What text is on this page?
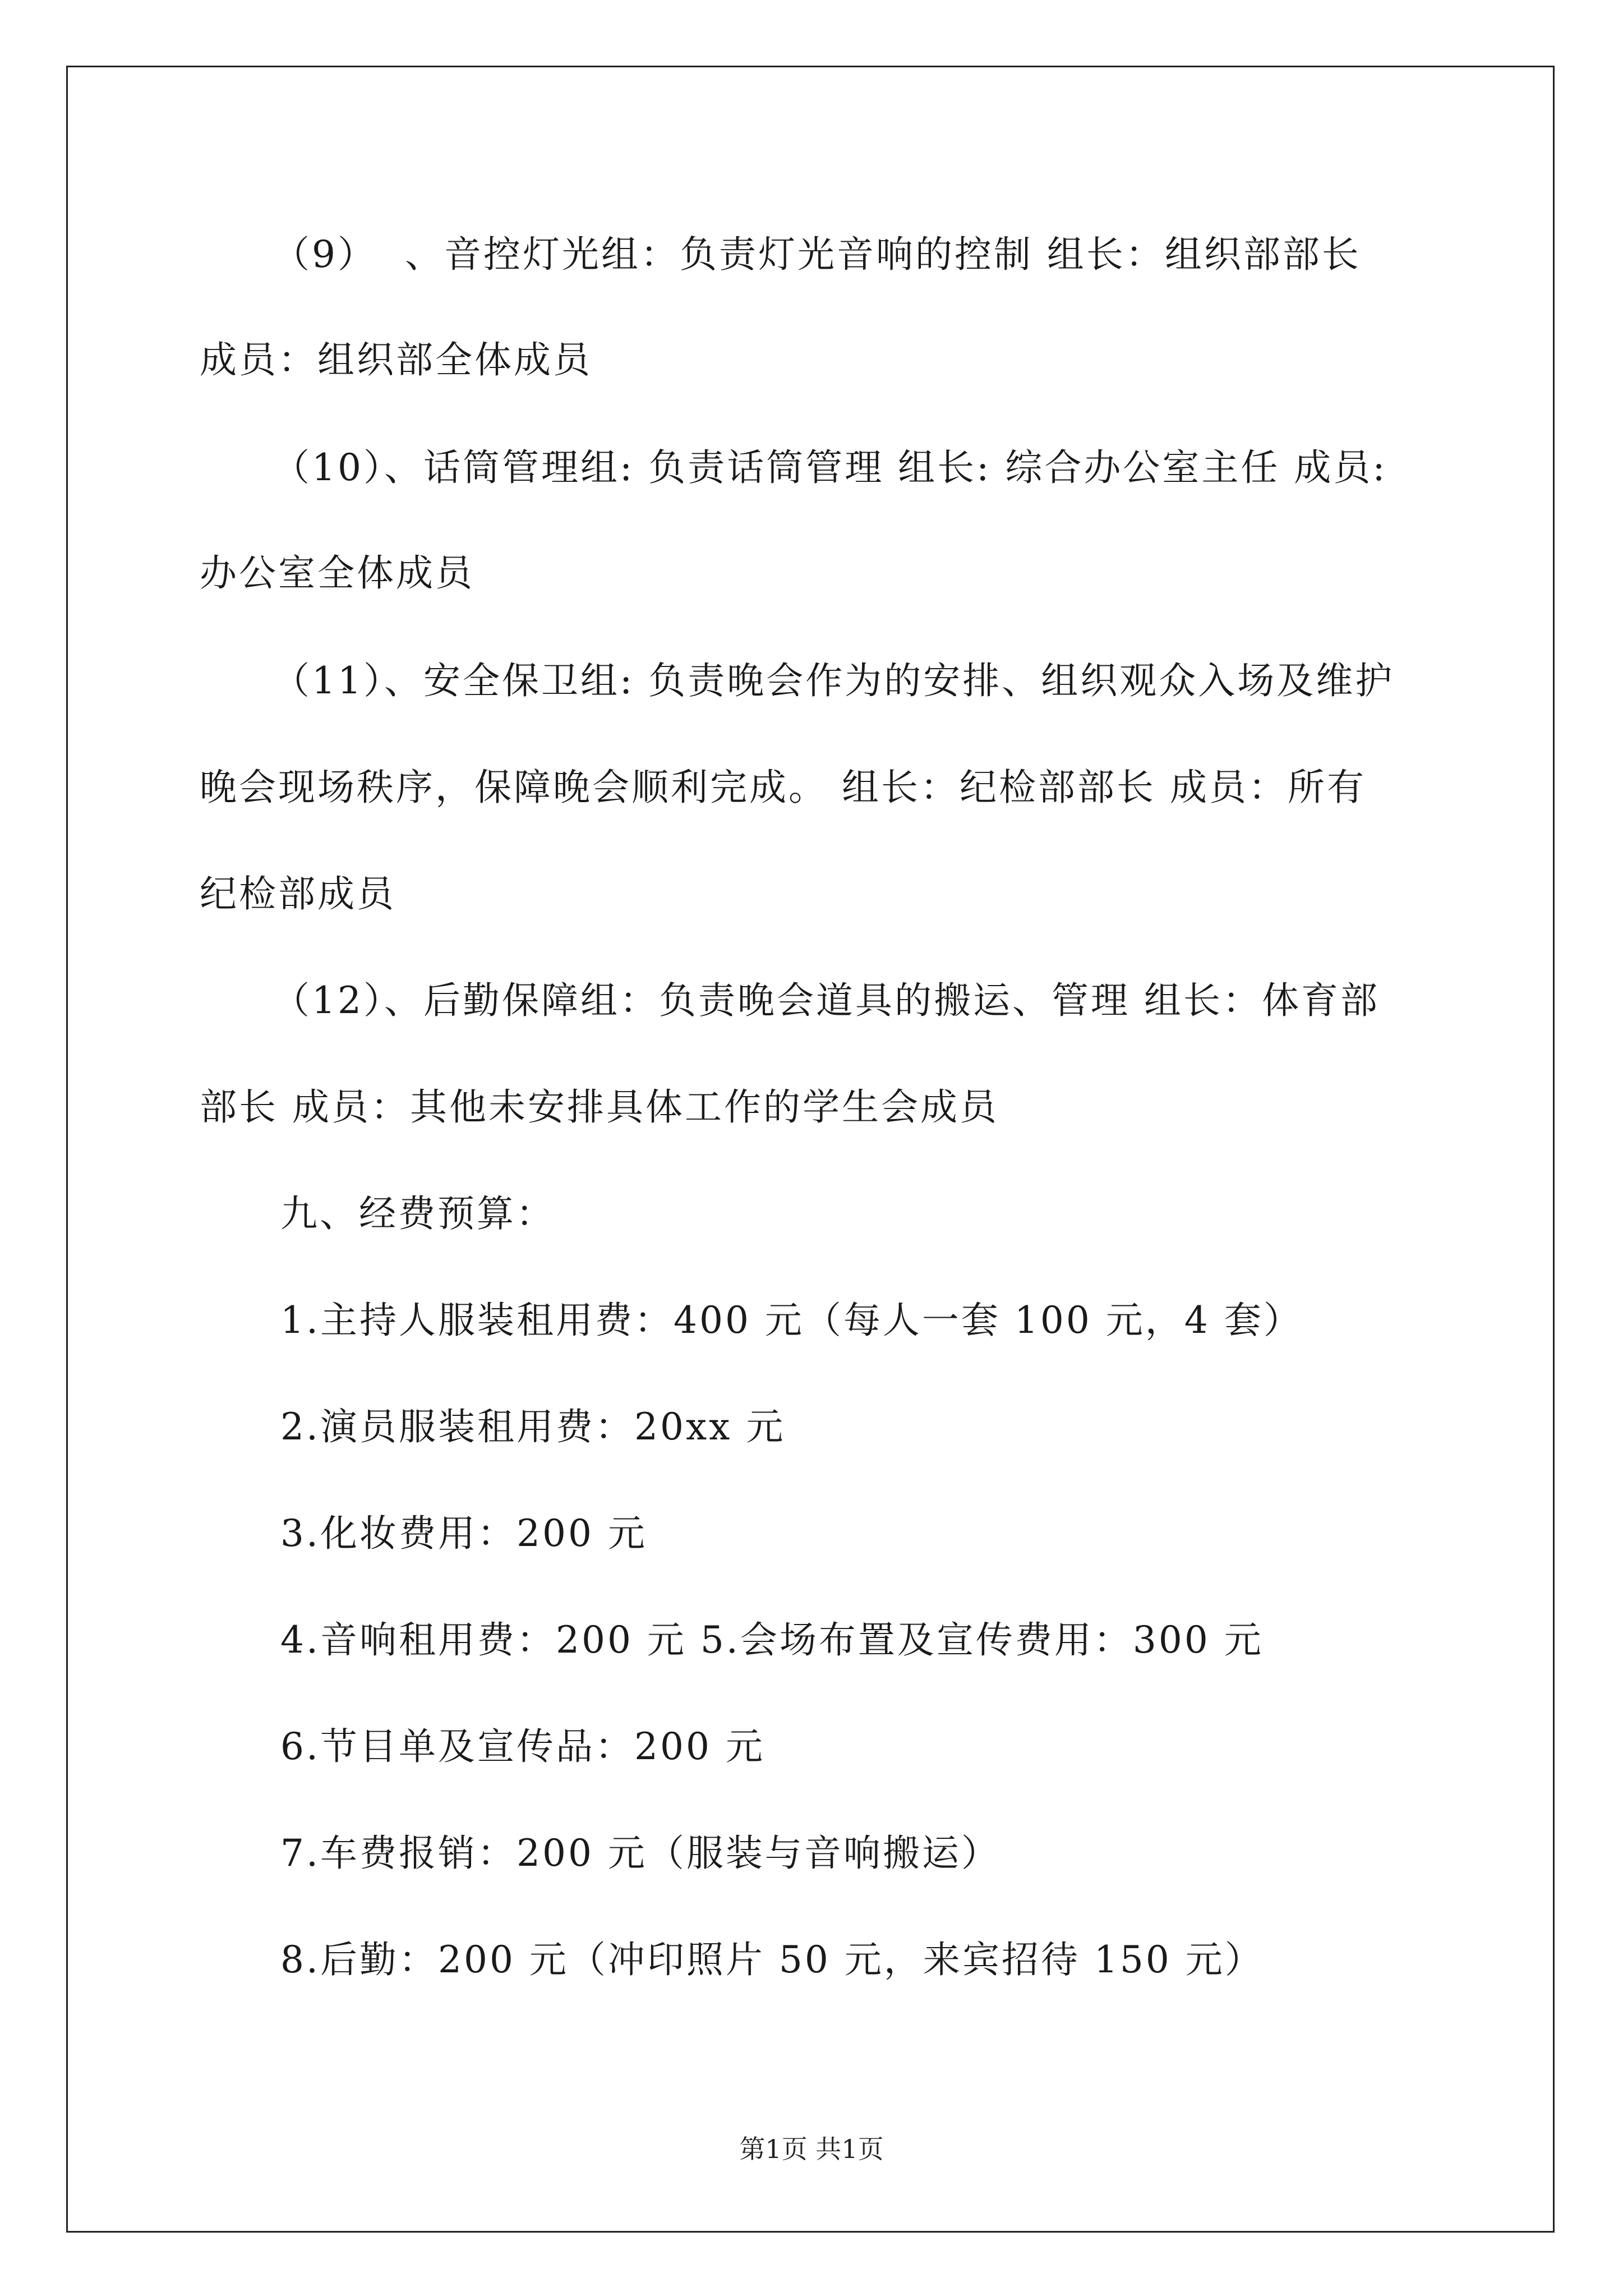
（9）  、音控灯光组：负责灯光音响的控制 组长：组织部部长
成员：组织部全体成员
（10）、话筒管理组: 负责话筒管理 组长: 综合办公室主任 成员:
办公室全体成员
（11）、安全保卫组: 负责晚会作为的安排、组织观众入场及维护
晚会现场秩序，保障晚会顺利完成。 组长：纪检部部长 成员：所有
纪检部成员
（12）、后勤保障组：负责晚会道具的搬运、管理 组长：体育部
部长 成员：其他未安排具体工作的学生会成员
九、经费预算：
1.主持人服装租用费：400 元（每人一套 100 元，4 套）
2.演员服装租用费：20xx 元
3.化妆费用：200 元
4.音响租用费：200 元 5.会场布置及宣传费用：300 元
6.节目单及宣传品：200 元
7.车费报销：200 元（服装与音响搬运）
8.后勤：200 元（冲印照片 50 元，来宾招待 150 元）
第1页 共1页
